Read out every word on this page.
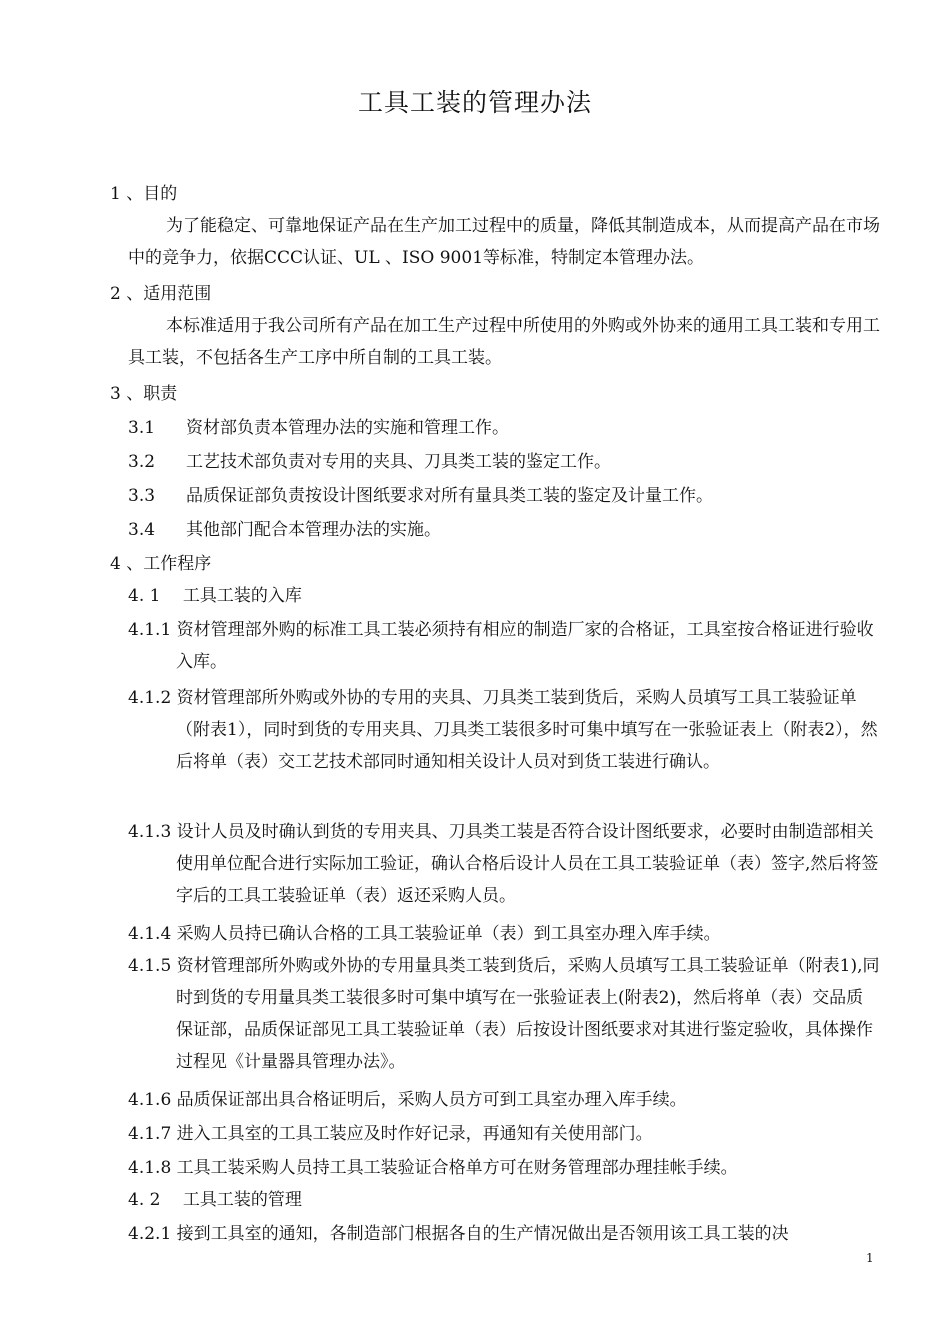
工具工装的管理办法
1 、目的
为了能稳定、可靠地保证产品在生产加工过程中的质量，降低其制造成本，从而提高产品在市场中的竞争力，依据CCC认证、UL 、ISO 9001等标准，特制定本管理办法。
2 、适用范围
本标准适用于我公司所有产品在加工生产过程中所使用的外购或外协来的通用工具工装和专用工具工装，不包括各生产工序中所自制的工具工装。
3 、职责
3.1 资材部负责本管理办法的实施和管理工作。
3.2 工艺技术部负责对专用的夹具、刀具类工装的鉴定工作。
3.3 品质保证部负责按设计图纸要求对所有量具类工装的鉴定及计量工作。
3.4 其他部门配合本管理办法的实施。
4 、工作程序
4. 1　 工具工装的入库
4.1.1 资材管理部外购的标准工具工装必须持有相应的制造厂家的合格证，工具室按合格证进行验收入库。
4.1.2 资材管理部所外购或外协的专用的夹具、刀具类工装到货后，采购人员填写工具工装验证单（附表1），同时到货的专用夹具、刀具类工装很多时可集中填写在一张验证表上（附表2），然后将单（表）交工艺技术部同时通知相关设计人员对到货工装进行确认。
4.1.3 设计人员及时确认到货的专用夹具、刀具类工装是否符合设计图纸要求，必要时由制造部相关使用单位配合进行实际加工验证，确认合格后设计人员在工具工装验证单（表）签字,然后将签字后的工具工装验证单（表）返还采购人员。
4.1.4 采购人员持已确认合格的工具工装验证单（表）到工具室办理入库手续。
4.1.5 资材管理部所外购或外协的专用量具类工装到货后，采购人员填写工具工装验证单（附表1),同时到货的专用量具类工装很多时可集中填写在一张验证表上(附表2)，然后将单（表）交品质保证部，品质保证部见工具工装验证单（表）后按设计图纸要求对其进行鉴定验收，具体操作过程见《计量器具管理办法》。
4.1.6 品质保证部出具合格证明后，采购人员方可到工具室办理入库手续。
4.1.7 进入工具室的工具工装应及时作好记录，再通知有关使用部门。
4.1.8 工具工装采购人员持工具工装验证合格单方可在财务管理部办理挂帐手续。
4. 2　 工具工装的管理
4.2.1 接到工具室的通知，各制造部门根据各自的生产情况做出是否领用该工具工装的决
1
